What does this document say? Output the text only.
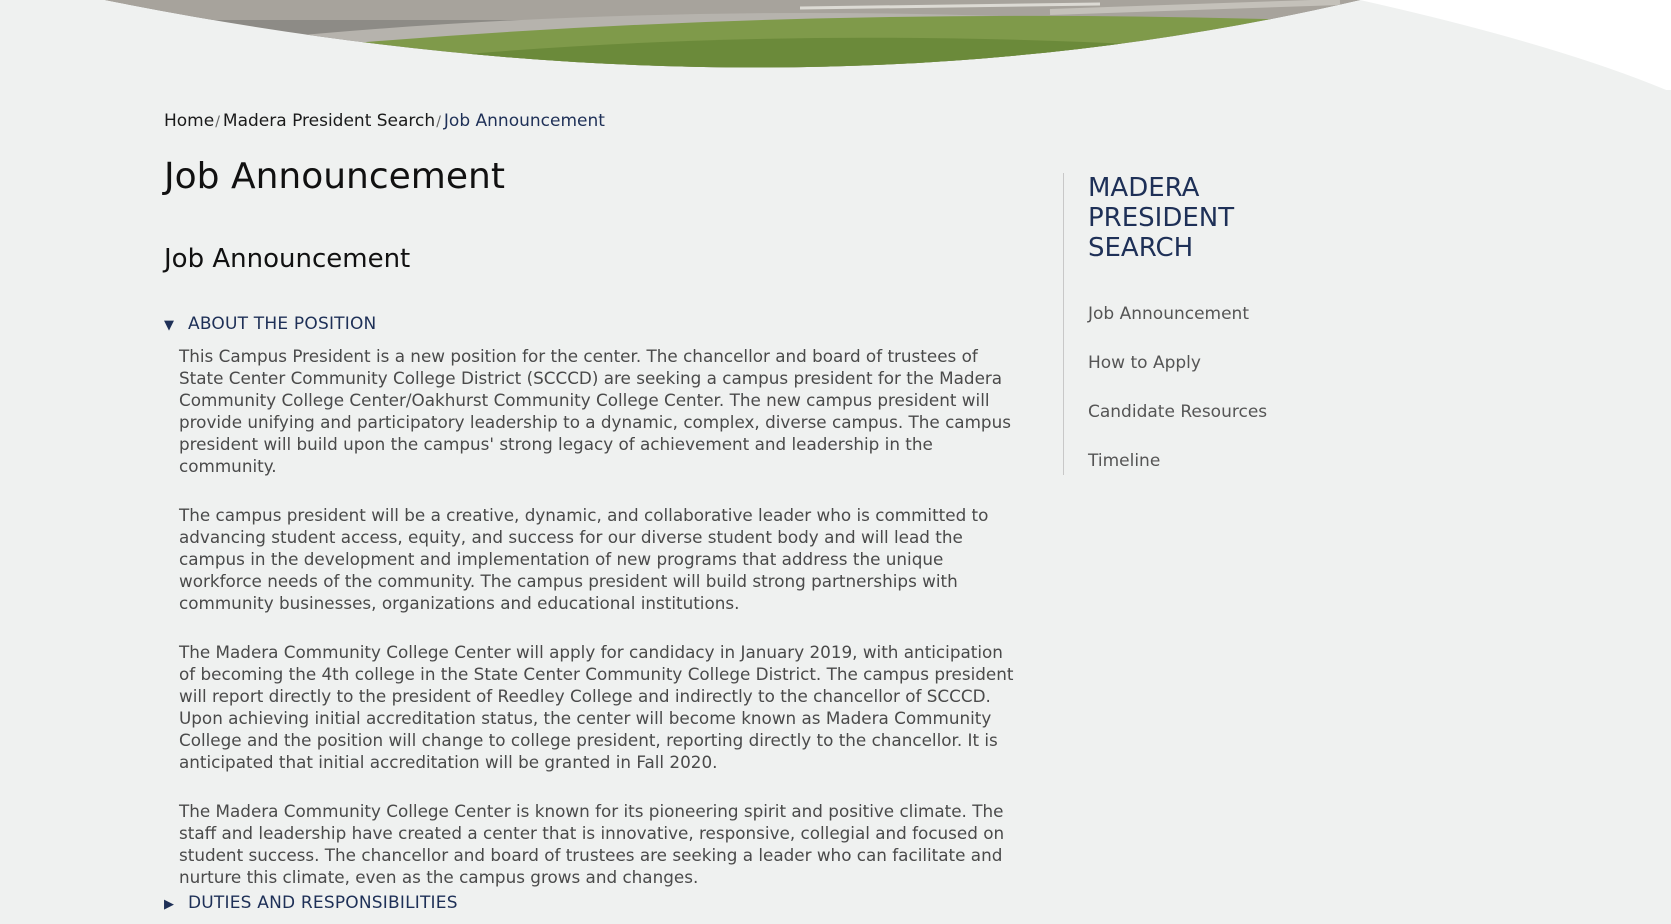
Home/ Madera President Search/ Job Announcement
Job Announcement
Job Announcement
▼ ABOUT THE POSITION

This Campus President is a new position for the center. The chancellor and board of trustees of State Center Community College District (SCCCD) are seeking a campus president for the Madera Community College Center/Oakhurst Community College Center. The new campus president will provide unifying and participatory leadership to a dynamic, complex, diverse campus. The campus president will build upon the campus' strong legacy of achievement and leadership in the community.

The campus president will be a creative, dynamic, and collaborative leader who is committed to advancing student access, equity, and success for our diverse student body and will lead the campus in the development and implementation of new programs that address the unique workforce needs of the community. The campus president will build strong partnerships with community businesses, organizations and educational institutions.

The Madera Community College Center will apply for candidacy in January 2019, with anticipation of becoming the 4th college in the State Center Community College District. The campus president will report directly to the president of Reedley College and indirectly to the chancellor of SCCCD. Upon achieving initial accreditation status, the center will become known as Madera Community College and the position will change to college president, reporting directly to the chancellor. It is anticipated that initial accreditation will be granted in Fall 2020.

The Madera Community College Center is known for its pioneering spirit and positive climate. The staff and leadership have created a center that is innovative, responsive, collegial and focused on student success. The chancellor and board of trustees are seeking a leader who can facilitate and nurture this climate, even as the campus grows and changes.

▶ DUTIES AND RESPONSIBILITIES
MADERA PRESIDENT SEARCH
Job Announcement
How to Apply
Candidate Resources
Timeline
